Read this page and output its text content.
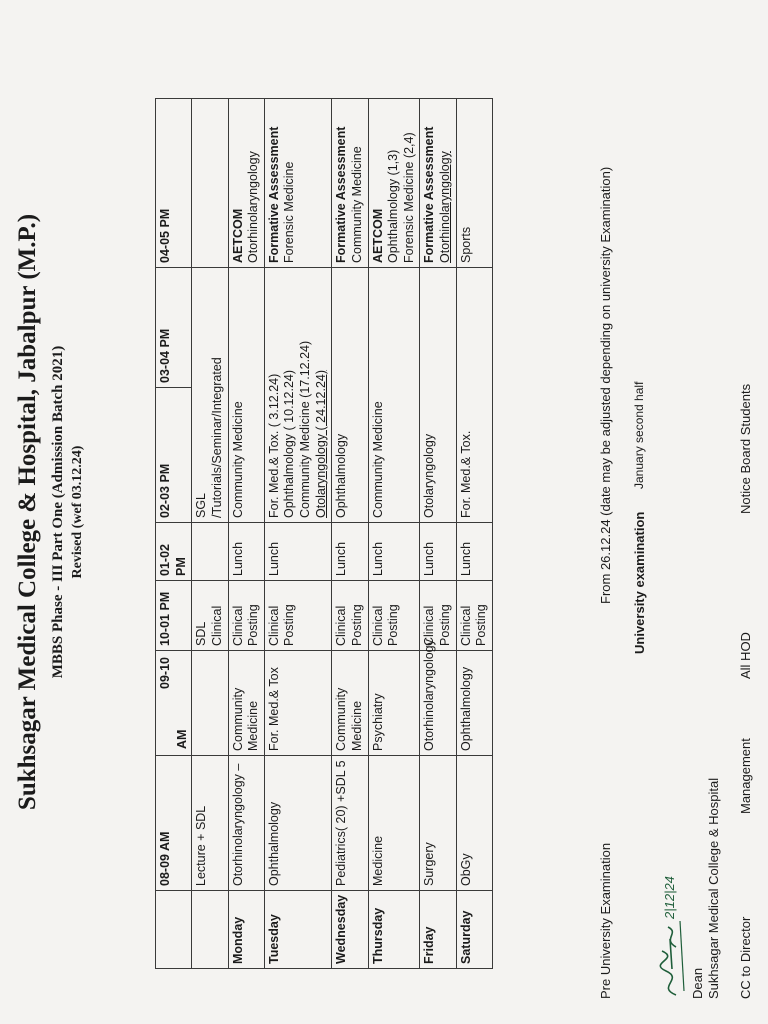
Sukhsagar Medical College & Hospital, Jabalpur (M.P.) MBBS Phase - III Part One (Admission Batch 2021) Revised (wef 03.12.24)
	08-09 AM	09-10
AM	10-01 PM	01-02 PM	02-03 PM	03-04 PM	04-05 PM
	Lecture + SDL		SDL Clinical		SGL /Tutorials/Seminar/Integrated		

Monday	Otorhinolaryngology –	Community Medicine	Clinical Posting	Lunch	Community Medicine		AETCOM Otorhinolaryngology

Tuesday	Ophthalmology	For. Med.& Tox	Clinical Posting	Lunch	For. Med.& Tox. ( 3.12.24) Ophthalmology ( 10.12.24) Community Medicine (17.12.24) Otolaryngology ( 24.12.24)		Formative Assessment Forensic Medicine

Wednesday	Pediatrics( 20) +SDL 5	Community Medicine	Clinical Posting	Lunch	Ophthalmology		Formative Assessment Community Medicine

Thursday	Medicine	Psychiatry	Clinical Posting	Lunch	Community Medicine		AETCOM Ophthalmology (1,3) Forensic Medicine (2,4)

Friday	Surgery	Otorhinolaryngology	Clinical Posting	Lunch	Otolaryngology		Formative Assessment Otorhinolaryngology

Saturday	ObGy	Ophthalmology	Clinical Posting	Lunch	For. Med.& Tox.		Sports
Pre University Examination
From 26.12.24 (date may be adjusted depending on university Examination) University examination
January second half
2|12|24
Dean Sukhsagar Medical College & Hospital CC to Director
Management
All HOD
Notice Board Students
